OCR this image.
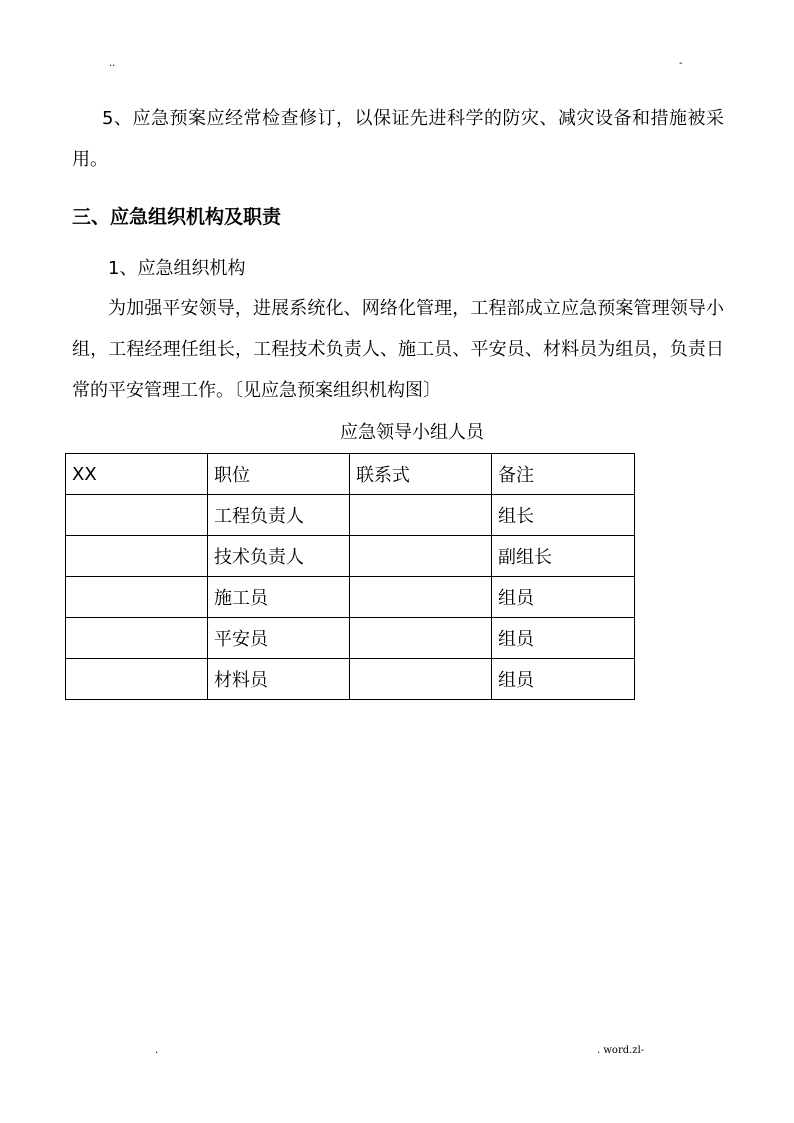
..	-

5、应急预案应经常检查修订，以保证先进科学的防灾、减灾设备和措施被采用。

三、应急组织机构及职责

1、应急组织机构

为加强平安领导，进展系统化、网络化管理，工程部成立应急预案管理领导小组，工程经理任组长，工程技术负责人、施工员、平安员、材料员为组员，负责日常的平安管理工作。〔见应急预案组织机构图〕

应急领导小组人员

XX	职位	联系式	备注
	工程负责人		组长
	技术负责人		副组长
	施工员		组员
	平安员		组员
	材料员		组员
.	. word.zl-
